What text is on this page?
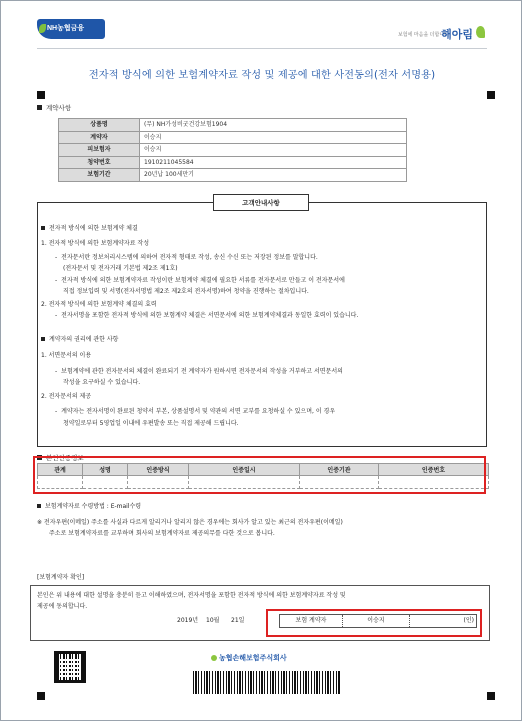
NH농협금융
보험에 마음을 더합니다
해아림
전자적 방식에 의한 보험계약자료 작성 및 제공에 대한 사전동의(전자 서명용)
계약사항
상품명	(무) NH가성비굿건강보험1904
계약자	이승지
피보험자	이승지
청약번호	1910211045584
보험기간	20년납 100세만기
고객안내사항
전자적 방식에 의한 보험계약 체결
1. 전자적 방식에 의한 보험계약자료 작성
- 전자문서란 정보처리시스템에 의하여 전자적 형태로 작성, 송신 수신 또는 저장된 정보를 말합니다.
(전자문서 및 전자거래 기본법 제2조 제1호)
- 전자적 방식에 의한 보험계약자료 작성이란 보험계약 체결에 필요한 서류를 전자문서로 만들고 이 전자문서에
직접 정보입력 및 서명(전자서명법 제2조 제2호의 전자서명)하여 청약을 진행하는 절차입니다.
2. 전자적 방식에 의한 보험계약 체결의 효력
- 전자서명을 포함한 전자적 방식에 의한 보험계약 체결은 서면문서에 의한 보험계약체결과 동일한 효력이 있습니다.
계약자의 권리에 관한 사항
1. 서면문서의 이용
- 보험계약에 관한 전자문서의 체결이 완료되기 전 계약자가 원하시면 전자문서의 작성을 거부하고 서면문서의
작성을 요구하실 수 있습니다.
2. 전자문서의 제공
- 계약자는 전자서명이 완료된 청약서 부본, 상품설명서 및 약관의 서면 교부를 요청하실 수 있으며, 이 경우
청약일로부터 5영업일 이내에 우편발송 또는 직접 제공해 드립니다.
본인인증정보
관계	성명	인증방식	인증일시	인증기관	인증번호

보험계약자료 수령방법 : E-mail수령
※ 전자우편(이메일) 주소를 사실과 다르게 알리거나 알리지 않은 경우에는 회사가 알고 있는 최근의 전자우편(이메일)
주소로 보험계약자료를 교부하며 회사의 보험계약자료 제공의무를 다한 것으로 봅니다.
[보험계약자 확인]
본인은 위 내용에 대한 설명을 충분히 듣고 이해하였으며, 전자서명을 포함한 전자적 방식에 의한 보험계약자료 작성 및
제공에 동의합니다.
2019년 10월 21일	보험 계약자	이승지	(인)
농협손해보험주식회사
